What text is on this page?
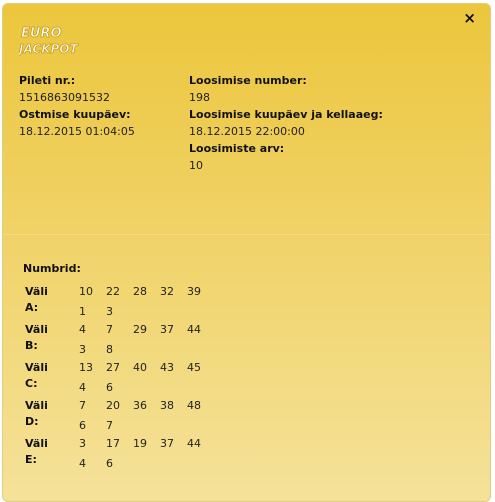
×
EURO
JACKPOT
Pileti nr.:
1516863091532
Ostmise kuupäev:
18.12.2015 01:04:05
Loosimise number:
198
Loosimise kuupäev ja kellaaeg:
18.12.2015 22:00:00
Loosimiste arv:
10
Numbrid:
Väli A:
10	22	28	32	39
1	3
Väli B:
4	7	29	37	44
3	8
Väli C:
13	27	40	43	45
4	6
Väli D:
7	20	36	38	48
6	7
Väli E:
3	17	19	37	44
4	6
